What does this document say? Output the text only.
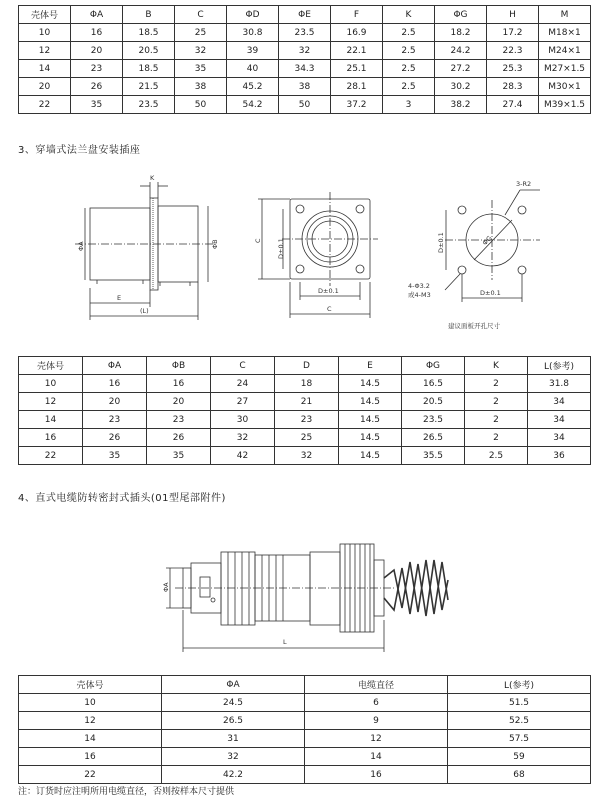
壳体号	ΦA	B	C	ΦD	ΦE	F	K	ΦG	H	M
10	16	18.5	25	30.8	23.5	16.9	2.5	18.2	17.2	M18×1
12	20	20.5	32	39	32	22.1	2.5	24.2	22.3	M24×1
14	23	18.5	35	40	34.3	25.1	2.5	27.2	25.3	M27×1.5
20	26	21.5	38	45.2	38	28.1	2.5	30.2	28.3	M30×1
22	35	23.5	50	54.2	50	37.2	3	38.2	27.4	M39×1.5
3、穿墙式法兰盘安装插座
K
ΦA	ΦB
E
(L)
C D±0.1
D±0.1
C
3-R2
D±0.1	ΦG
4-Φ3.2
或4-M3	D±0.1
建议面板开孔尺寸
壳体号	ΦA	ΦB	C	D	E	ΦG	K	L(参考)
10	16	16	24	18	14.5	16.5	2	31.8
12	20	20	27	21	14.5	20.5	2	34
14	23	23	30	23	14.5	23.5	2	34
16	26	26	32	25	14.5	26.5	2	34
22	35	35	42	32	14.5	35.5	2.5	36
4、直式电缆防转密封式插头(01型尾部附件)
ΦA
L
壳体号	ΦA	电缆直径	L(参考)
10	24.5	6	51.5
12	26.5	9	52.5
14	31	12	57.5
16	32	14	59
22	42.2	16	68
注：订货时应注明所用电缆直径，否则按样本尺寸提供
